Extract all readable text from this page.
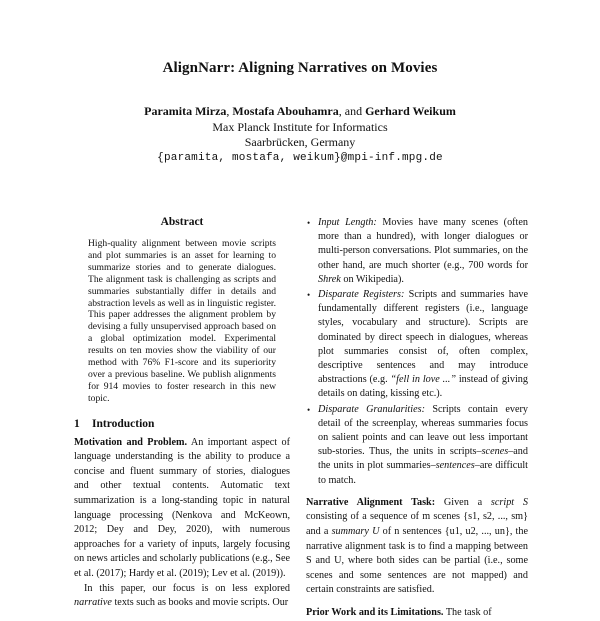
AlignNarr: Aligning Narratives on Movies
Paramita Mirza, Mostafa Abouhamra, and Gerhard Weikum
Max Planck Institute for Informatics
Saarbrücken, Germany
{paramita, mostafa, weikum}@mpi-inf.mpg.de
Abstract
High-quality alignment between movie scripts and plot summaries is an asset for learning to summarize stories and to generate dialogues. The alignment task is challenging as scripts and summaries substantially differ in details and abstraction levels as well as in linguistic register. This paper addresses the alignment problem by devising a fully unsupervised approach based on a global optimization model. Experimental results on ten movies show the viability of our method with 76% F1-score and its superiority over a previous baseline. We publish alignments for 914 movies to foster research in this new topic.
1 Introduction

Motivation and Problem. An important aspect of language understanding is the ability to produce a concise and fluent summary of stories, dialogues and other textual contents. Automatic text summarization is a long-standing topic in natural language processing (Nenkova and McKeown, 2012; Dey and Dey, 2020), with numerous approaches for a variety of inputs, largely focusing on news articles and scholarly publications (e.g., See et al. (2017); Hardy et al. (2019); Lev et al. (2019)).

In this paper, our focus is on less explored narrative texts such as books and movie scripts. Our

• Input Length: Movies have many scenes (often more than a hundred), with longer dialogues or multi-person conversations. Plot summaries, on the other hand, are much shorter (e.g., 700 words for Shrek on Wikipedia).
• Disparate Registers: Scripts and summaries have fundamentally different registers (i.e., language styles, vocabulary and structure). Scripts are dominated by direct speech in dialogues, whereas plot summaries consist of, often complex, descriptive sentences and may introduce abstractions (e.g. “fell in love ...” instead of giving details on dating, kissing etc.).
• Disparate Granularities: Scripts contain every detail of the screenplay, whereas summaries focus on salient points and can leave out less important sub-stories. Thus, the units in scripts–scenes–and the units in plot summaries–sentences–are difficult to match.

Narrative Alignment Task: Given a script S consisting of a sequence of m scenes {s1, s2, ..., sm} and a summary U of n sentences {u1, u2, ..., un}, the narrative alignment task is to find a mapping between S and U, where both sides can be partial (i.e., some scenes and some sentences are not mapped) and certain constraints are satisfied.

Prior Work and its Limitations. The task of
